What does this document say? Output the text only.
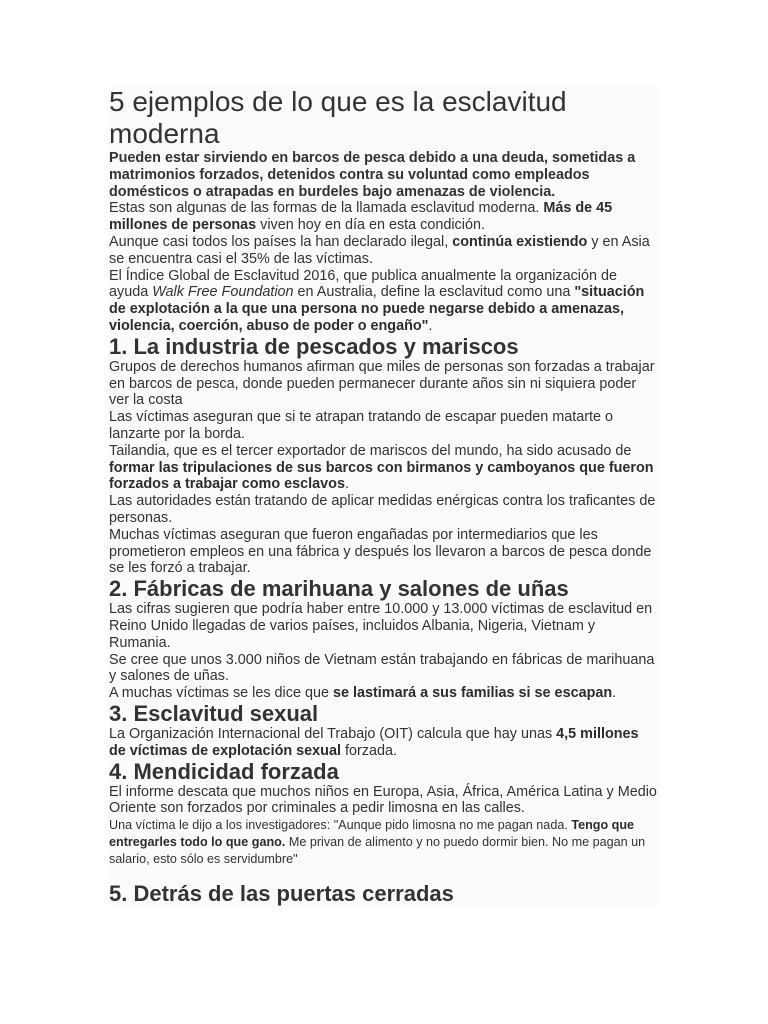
5 ejemplos de lo que es la esclavitud moderna

Pueden estar sirviendo en barcos de pesca debido a una deuda, sometidas a matrimonios forzados, detenidos contra su voluntad como empleados domésticos o atrapadas en burdeles bajo amenazas de violencia.

Estas son algunas de las formas de la llamada esclavitud moderna. Más de 45 millones de personas viven hoy en día en esta condición.

Aunque casi todos los países la han declarado ilegal, continúa existiendo y en Asia se encuentra casi el 35% de las víctimas.

El Índice Global de Esclavitud 2016, que publica anualmente la organización de ayuda Walk Free Foundation en Australia, define la esclavitud como una "situación de explotación a la que una persona no puede negarse debido a amenazas, violencia, coerción, abuso de poder o engaño".

1. La industria de pescados y mariscos

Grupos de derechos humanos afirman que miles de personas son forzadas a trabajar en barcos de pesca, donde pueden permanecer durante años sin ni siquiera poder ver la costa

Las víctimas aseguran que si te atrapan tratando de escapar pueden matarte o lanzarte por la borda.

Tailandia, que es el tercer exportador de mariscos del mundo, ha sido acusado de formar las tripulaciones de sus barcos con birmanos y camboyanos que fueron forzados a trabajar como esclavos.

Las autoridades están tratando de aplicar medidas enérgicas contra los traficantes de personas.

Muchas víctimas aseguran que fueron engañadas por intermediarios que les prometieron empleos en una fábrica y después los llevaron a barcos de pesca donde se les forzó a trabajar.

2. Fábricas de marihuana y salones de uñas

Las cifras sugieren que podría haber entre 10.000 y 13.000 víctimas de esclavitud en Reino Unido llegadas de varios países, incluidos Albania, Nigeria, Vietnam y Rumania.

Se cree que unos 3.000 niños de Vietnam están trabajando en fábricas de marihuana y salones de uñas.

A muchas víctimas se les dice que se lastimará a sus familias si se escapan.

3. Esclavitud sexual

La Organización Internacional del Trabajo (OIT) calcula que hay unas 4,5 millones de víctimas de explotación sexual forzada.

4. Mendicidad forzada

El informe descata que muchos niños en Europa, Asia, África, América Latina y Medio Oriente son forzados por criminales a pedir limosna en las calles.

Una víctima le dijo a los investigadores: "Aunque pido limosna no me pagan nada. Tengo que entregarles todo lo que gano. Me privan de alimento y no puedo dormir bien. No me pagan un salario, esto sólo es servidumbre"

5. Detrás de las puertas cerradas
